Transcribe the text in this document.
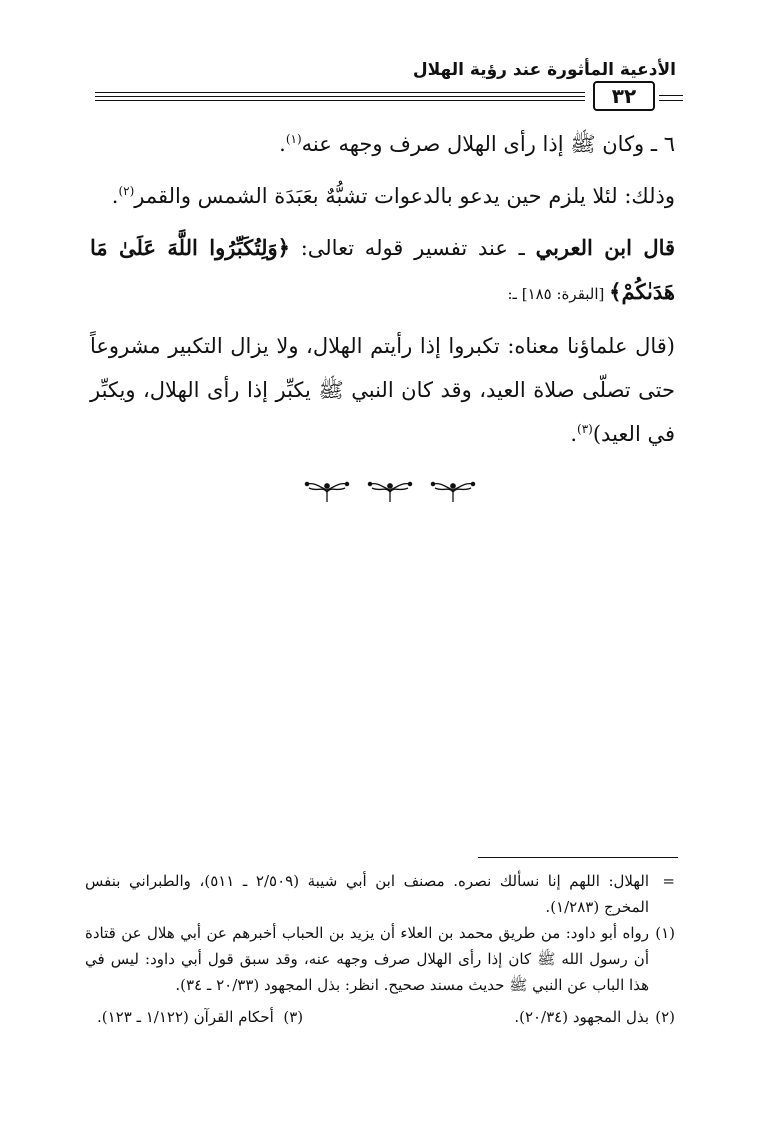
الأدعية المأثورة عند رؤية الهلال
٣٢

٦ ـ وكان ﷺ إذا رأى الهلال صرف وجهه عنه$^{(١)}$.

وذلك: لئلا يلزم حين يدعو بالدعوات تشبُّهٌ بعَبَدَة الشمس والقمر$^{(٢)}$.

قال ابن العربي ـ عند تفسير قوله تعالى: ﴿وَلِتُكَبِّرُوا اللَّهَ عَلَىٰ مَا هَدَىٰكُمْ﴾ [البقرة: ١٨٥] ـ:

(قال علماؤنا معناه: تكبروا إذا رأيتم الهلال، ولا يزال التكبير مشروعاً حتى تصلّى صلاة العيد، وقد كان النبي ﷺ يكبِّر إذا رأى الهلال، ويكبِّر في العيد)$^{(٣)}$.

=
الهلال: اللهم إنا نسألك نصره. مصنف ابن أبي شيبة (٢/٥٠٩ ـ ٥١١)، والطبراني بنفس المخرج (١/٢٨٣).
(١)
رواه أبو داود: من طريق محمد بن العلاء أن يزيد بن الحباب أخبرهم عن أبي هلال عن قتادة أن رسول الله ﷺ كان إذا رأى الهلال صرف وجهه عنه، وقد سبق قول أبي داود: ليس في هذا الباب عن النبي ﷺ حديث مسند صحيح. انظر: بذل المجهود (٢٠/٣٣ ـ ٣٤).
(٢)
بذل المجهود (٢٠/٣٤).
(٣)  أحكام القرآن (١/١٢٢ ـ ١٢٣).
